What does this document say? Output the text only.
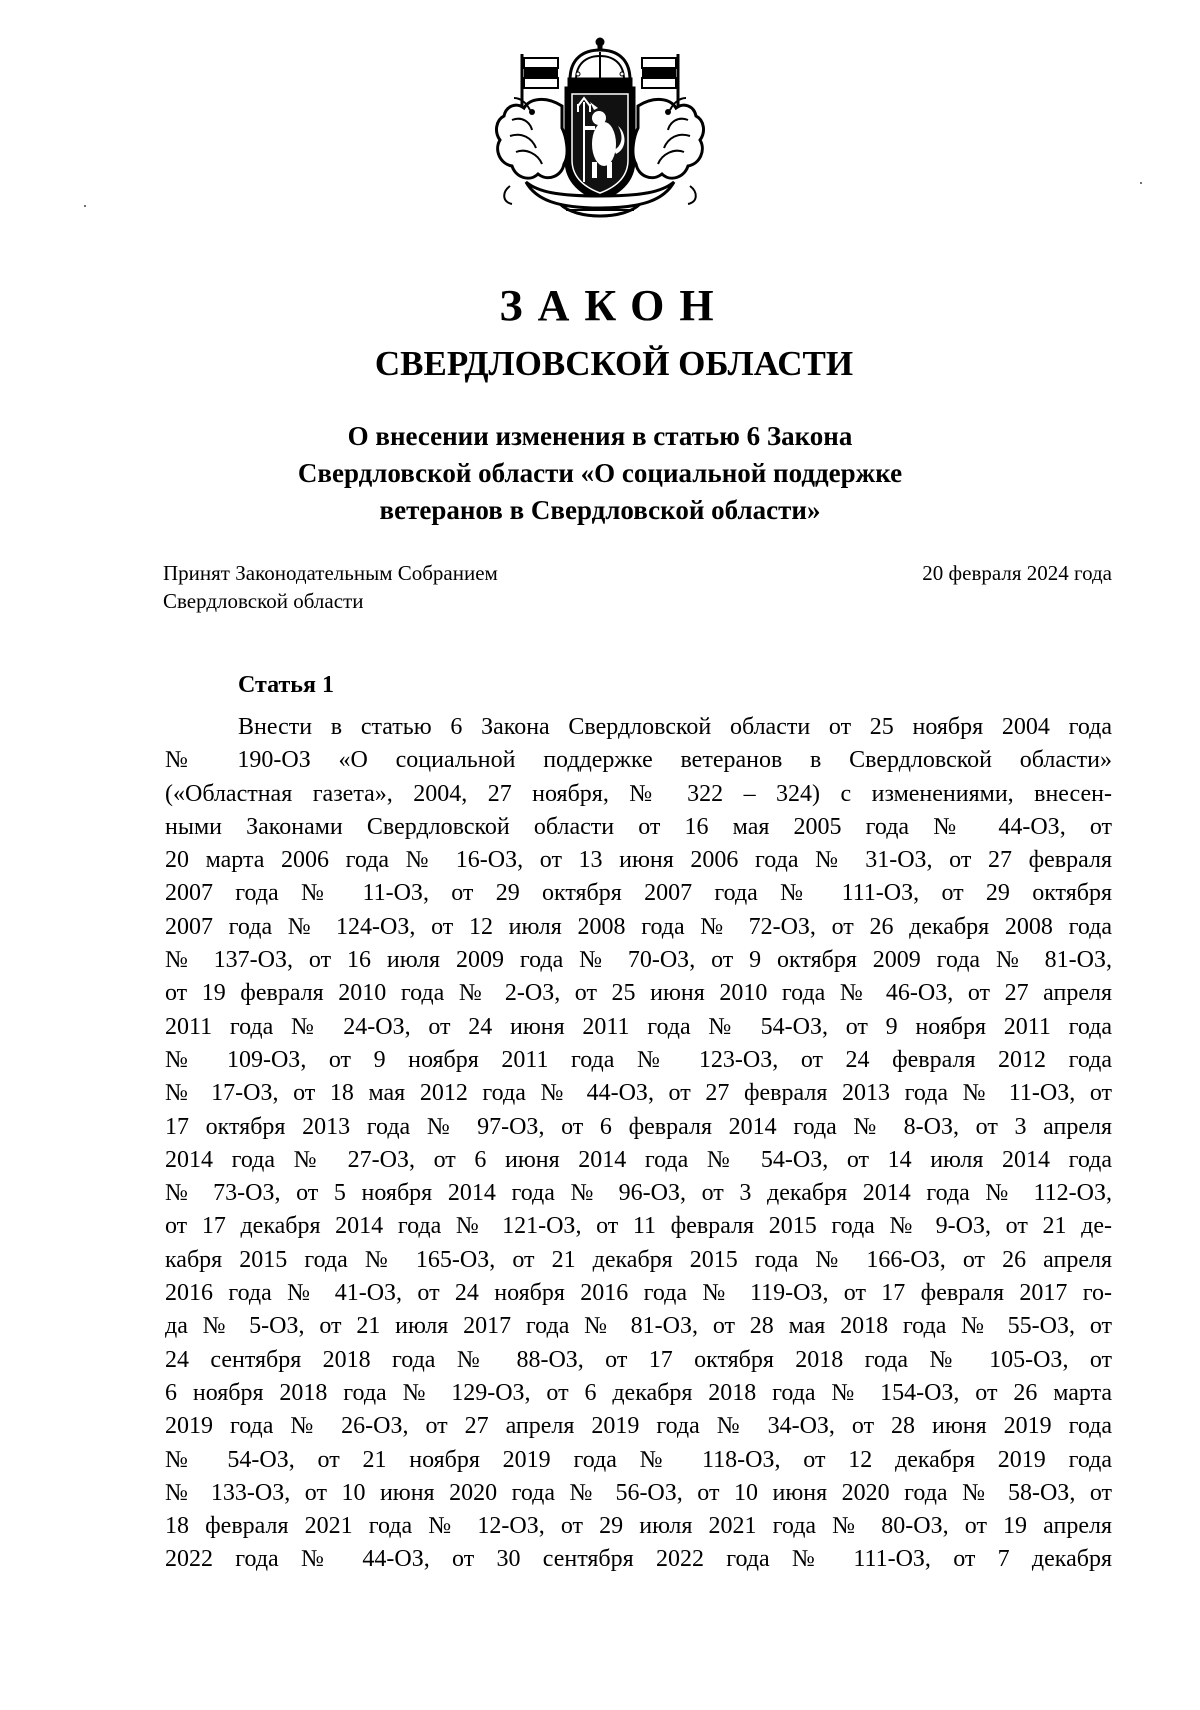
ЗАКОН
СВЕРДЛОВСКОЙ ОБЛАСТИ
О внесении изменения в статью 6 Закона
Свердловской области «О социальной поддержке
ветеранов в Свердловской области»
Принят Законодательным Собранием
Свердловской области
20 февраля 2024 года
Статья 1
Внести в статью 6 Закона Свердловской области от 25 ноября 2004 года
№ 190-ОЗ «О социальной поддержке ветеранов в Свердловской области»
(«Областная газета», 2004, 27 ноября, № 322 – 324) с изменениями, внесен-
ными Законами Свердловской области от 16 мая 2005 года № 44-ОЗ, от
20 марта 2006 года № 16-ОЗ, от 13 июня 2006 года № 31-ОЗ, от 27 февраля
2007 года № 11-ОЗ, от 29 октября 2007 года № 111-ОЗ, от 29 октября
2007 года № 124-ОЗ, от 12 июля 2008 года № 72-ОЗ, от 26 декабря 2008 года
№ 137-ОЗ, от 16 июля 2009 года № 70-ОЗ, от 9 октября 2009 года № 81-ОЗ,
от 19 февраля 2010 года № 2-ОЗ, от 25 июня 2010 года № 46-ОЗ, от 27 апреля
2011 года № 24-ОЗ, от 24 июня 2011 года № 54-ОЗ, от 9 ноября 2011 года
№ 109-ОЗ, от 9 ноября 2011 года № 123-ОЗ, от 24 февраля 2012 года
№ 17-ОЗ, от 18 мая 2012 года № 44-ОЗ, от 27 февраля 2013 года № 11-ОЗ, от
17 октября 2013 года № 97-ОЗ, от 6 февраля 2014 года № 8-ОЗ, от 3 апреля
2014 года № 27-ОЗ, от 6 июня 2014 года № 54-ОЗ, от 14 июля 2014 года
№ 73-ОЗ, от 5 ноября 2014 года № 96-ОЗ, от 3 декабря 2014 года № 112-ОЗ,
от 17 декабря 2014 года № 121-ОЗ, от 11 февраля 2015 года № 9-ОЗ, от 21 де-
кабря 2015 года № 165-ОЗ, от 21 декабря 2015 года № 166-ОЗ, от 26 апреля
2016 года № 41-ОЗ, от 24 ноября 2016 года № 119-ОЗ, от 17 февраля 2017 го-
да № 5-ОЗ, от 21 июля 2017 года № 81-ОЗ, от 28 мая 2018 года № 55-ОЗ, от
24 сентября 2018 года № 88-ОЗ, от 17 октября 2018 года № 105-ОЗ, от
6 ноября 2018 года № 129-ОЗ, от 6 декабря 2018 года № 154-ОЗ, от 26 марта
2019 года № 26-ОЗ, от 27 апреля 2019 года № 34-ОЗ, от 28 июня 2019 года
№ 54-ОЗ, от 21 ноября 2019 года № 118-ОЗ, от 12 декабря 2019 года
№ 133-ОЗ, от 10 июня 2020 года № 56-ОЗ, от 10 июня 2020 года № 58-ОЗ, от
18 февраля 2021 года № 12-ОЗ, от 29 июля 2021 года № 80-ОЗ, от 19 апреля
2022 года № 44-ОЗ, от 30 сентября 2022 года № 111-ОЗ, от 7 декабря
